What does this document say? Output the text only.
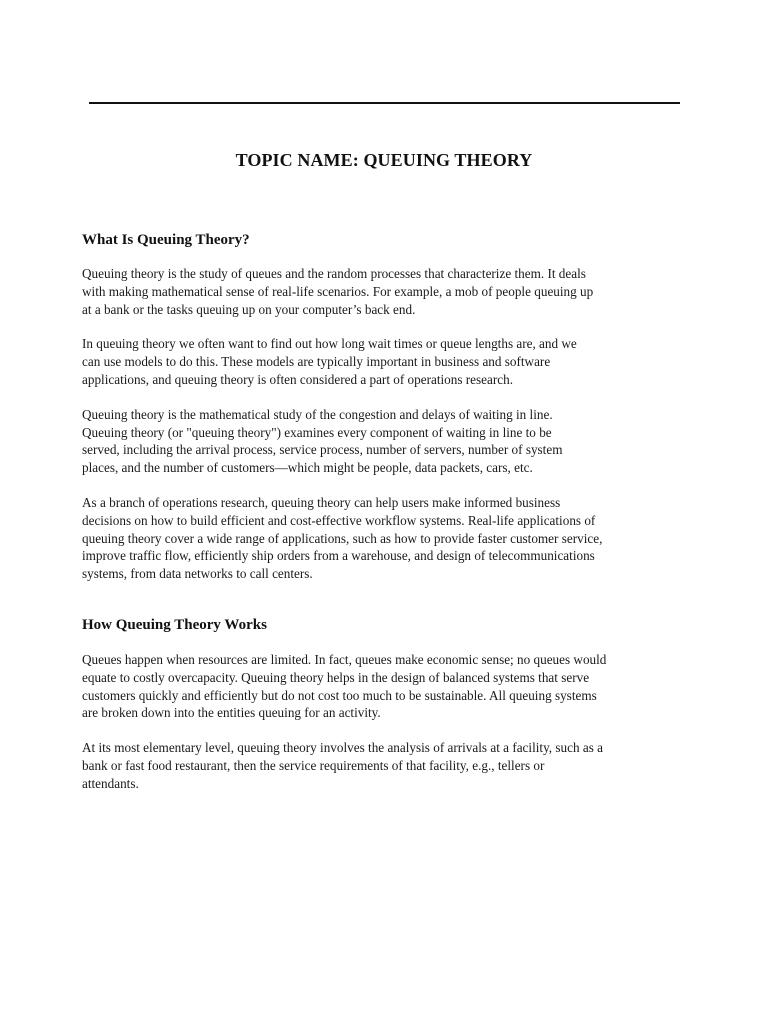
TOPIC NAME: QUEUING THEORY
What Is Queuing Theory?

Queuing theory is the study of queues and the random processes that characterize them. It deals
with making mathematical sense of real-life scenarios. For example, a mob of people queuing up
at a bank or the tasks queuing up on your computer’s back end.

In queuing theory we often want to find out how long wait times or queue lengths are, and we
can use models to do this. These models are typically important in business and software
applications, and queuing theory is often considered a part of operations research.

Queuing theory is the mathematical study of the congestion and delays of waiting in line.
Queuing theory (or "queuing theory") examines every component of waiting in line to be
served, including the arrival process, service process, number of servers, number of system
places, and the number of customers—which might be people, data packets, cars, etc.

As a branch of operations research, queuing theory can help users make informed business
decisions on how to build efficient and cost-effective workflow systems. Real-life applications of
queuing theory cover a wide range of applications, such as how to provide faster customer service,
improve traffic flow, efficiently ship orders from a warehouse, and design of telecommunications
systems, from data networks to call centers.

How Queuing Theory Works

Queues happen when resources are limited. In fact, queues make economic sense; no queues would
equate to costly overcapacity. Queuing theory helps in the design of balanced systems that serve
customers quickly and efficiently but do not cost too much to be sustainable. All queuing systems
are broken down into the entities queuing for an activity.

At its most elementary level, queuing theory involves the analysis of arrivals at a facility, such as a
bank or fast food restaurant, then the service requirements of that facility, e.g., tellers or
attendants.
